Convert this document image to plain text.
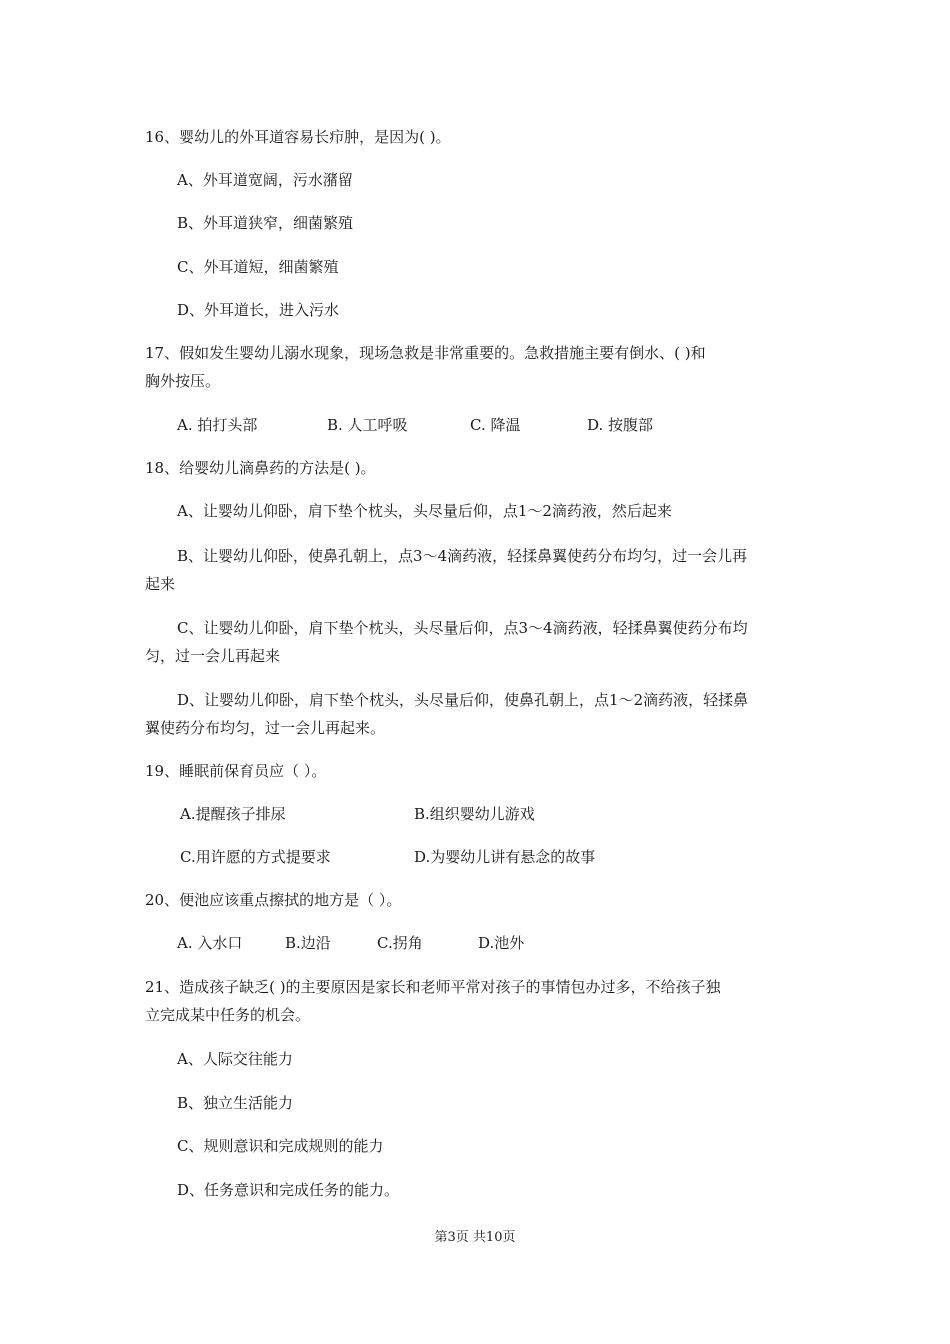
16、婴幼儿的外耳道容易长疖肿，是因为( )。
A、外耳道宽阔，污水潴留
B、外耳道狭窄，细菌繁殖
C、外耳道短，细菌繁殖
D、外耳道长，进入污水
17、假如发生婴幼儿溺水现象，现场急救是非常重要的。急救措施主要有倒水、( )和
胸外按压。
A. 拍打头部	B. 人工呼吸	C. 降温	D. 按腹部
18、给婴幼儿滴鼻药的方法是( )。
A、让婴幼儿仰卧，肩下垫个枕头，头尽量后仰，点1～2滴药液，然后起来
B、让婴幼儿仰卧，使鼻孔朝上，点3～4滴药液，轻揉鼻翼使药分布均匀，过一会儿再
起来
C、让婴幼儿仰卧，肩下垫个枕头，头尽量后仰，点3～4滴药液，轻揉鼻翼使药分布均
匀，过一会儿再起来
D、让婴幼儿仰卧，肩下垫个枕头，头尽量后仰，使鼻孔朝上，点1～2滴药液，轻揉鼻
翼使药分布均匀，过一会儿再起来。
19、睡眠前保育员应（ ）。
A.提醒孩子排尿	B.组织婴幼儿游戏
C.用许愿的方式提要求	D.为婴幼儿讲有悬念的故事
20、便池应该重点擦拭的地方是（ ）。
A. 入水口	B.边沿	C.拐角	D.池外
21、造成孩子缺乏( )的主要原因是家长和老师平常对孩子的事情包办过多，不给孩子独
立完成某中任务的机会。
A、人际交往能力
B、独立生活能力
C、规则意识和完成规则的能力
D、任务意识和完成任务的能力。
第3页 共10页
